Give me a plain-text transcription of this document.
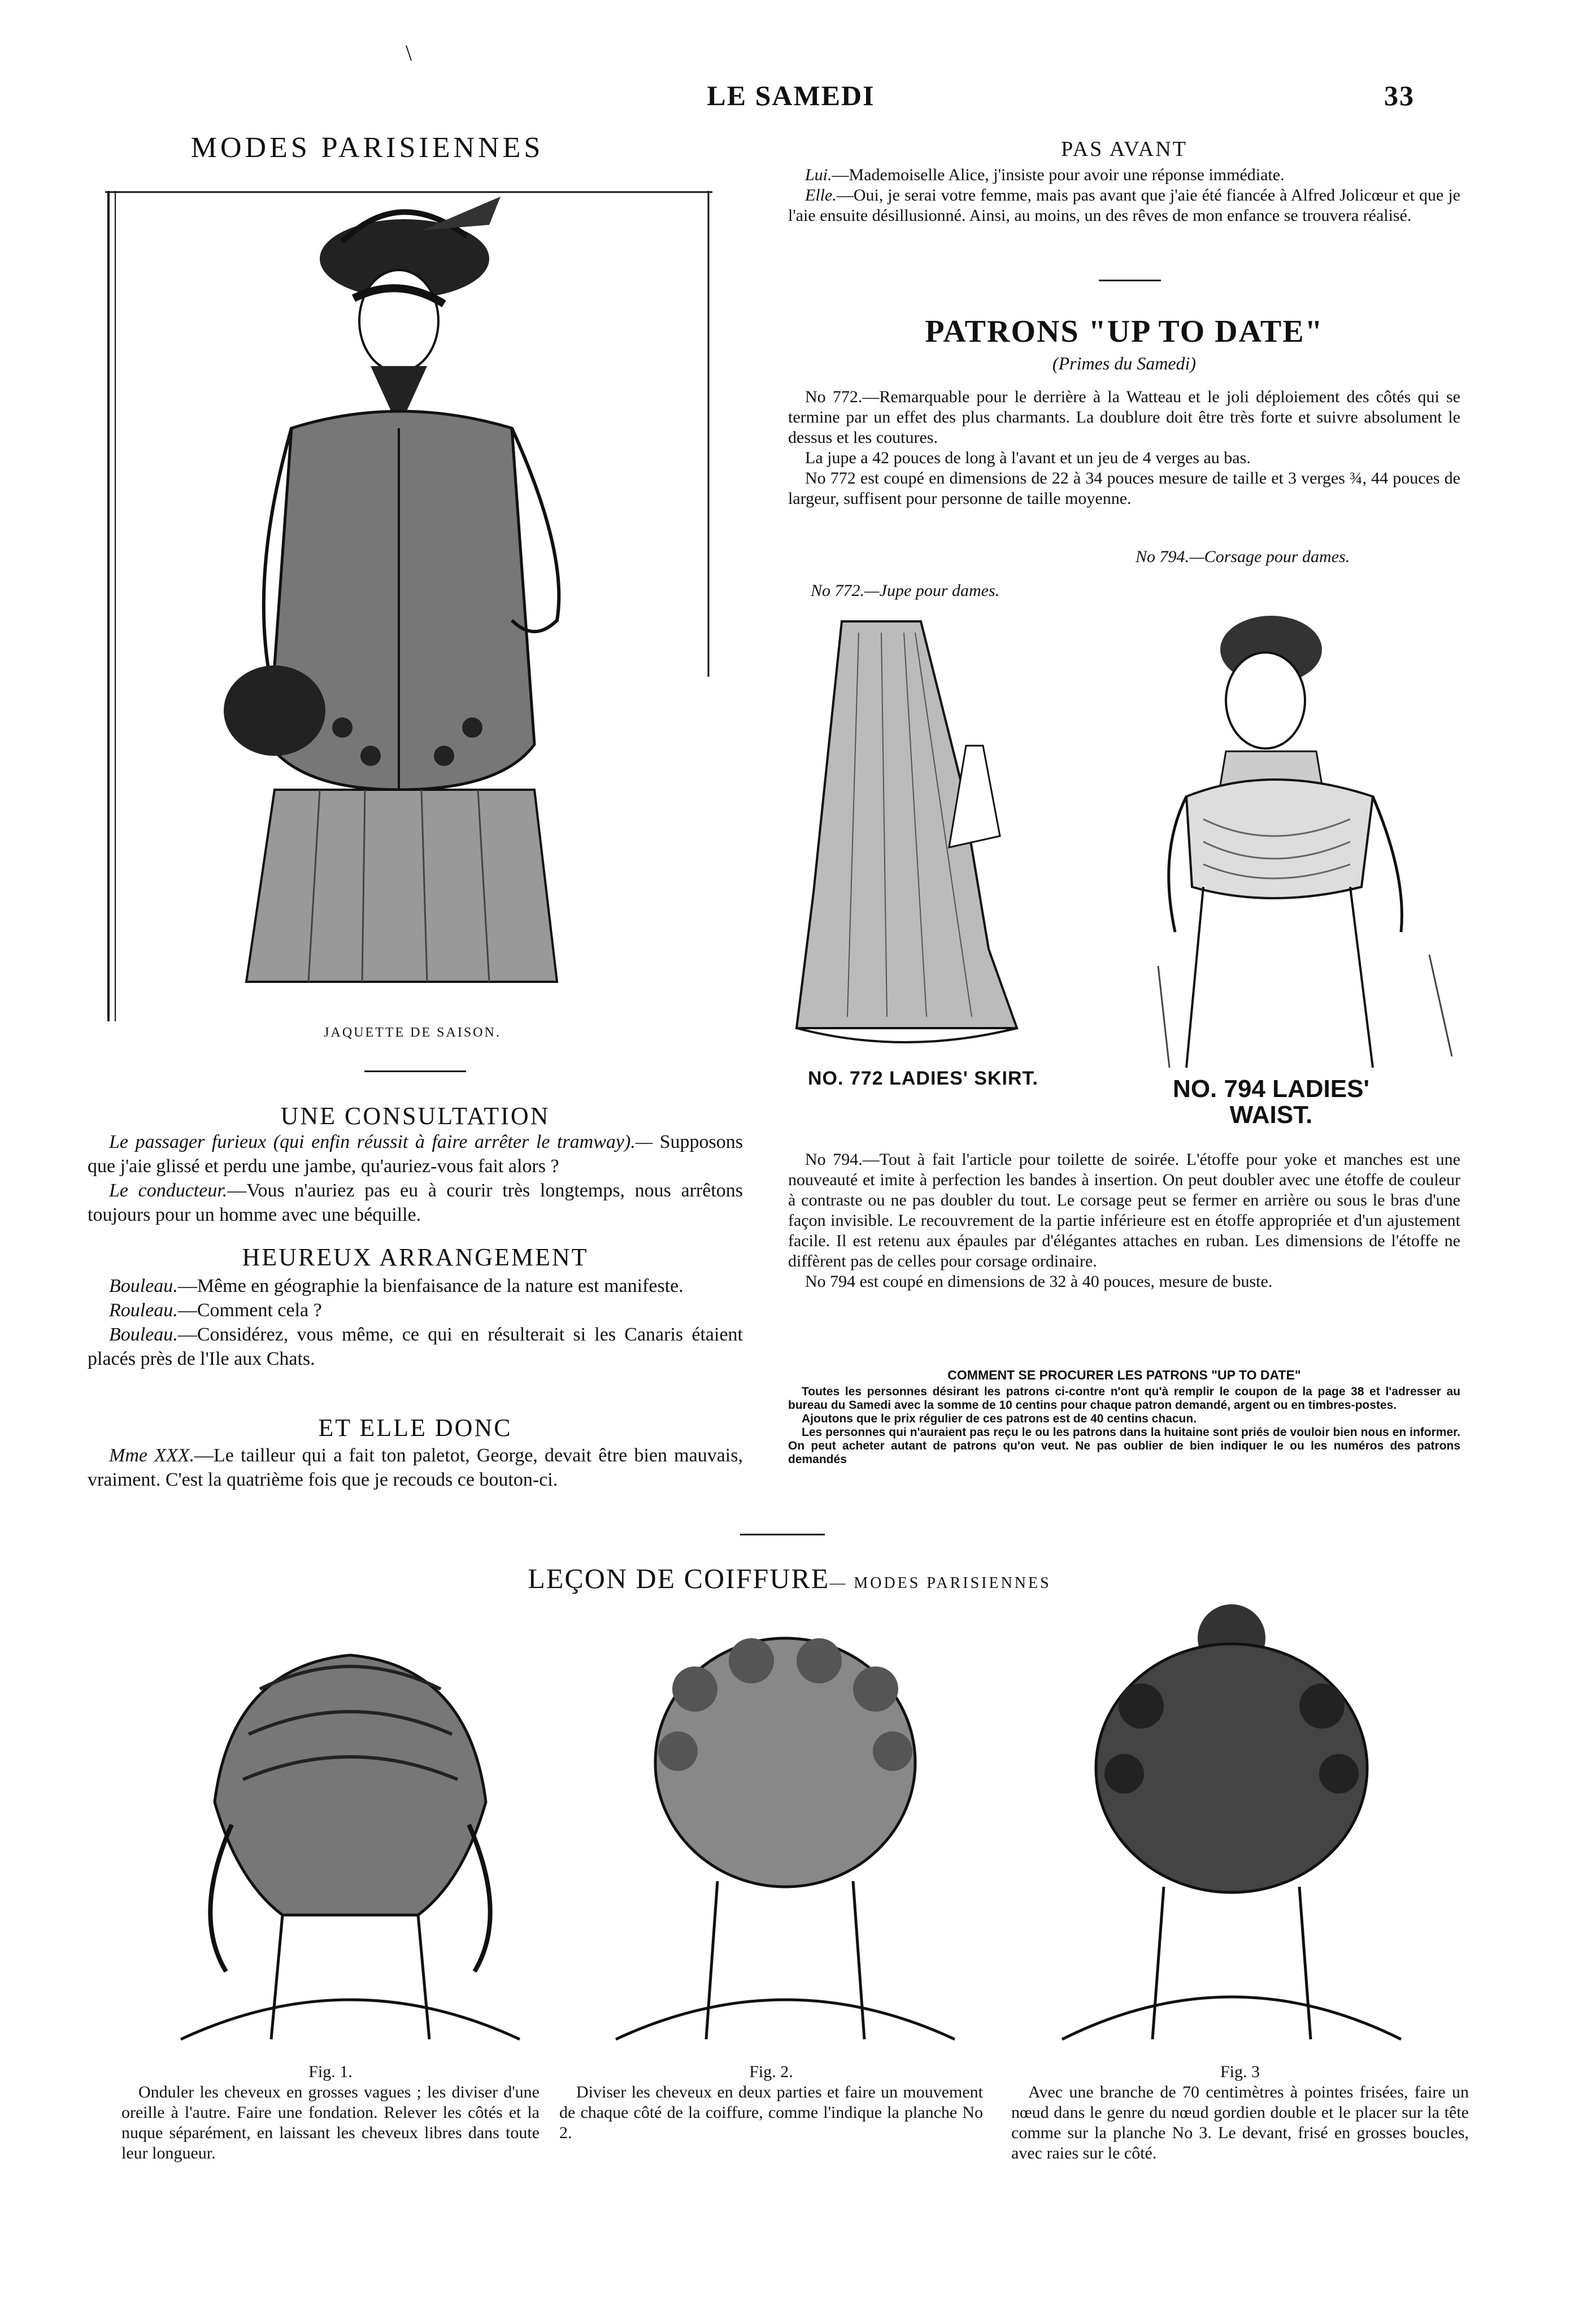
\
LE SAMEDI	33
MODES PARISIENNES
JAQUETTE DE SAISON.
UNE CONSULTATION

Le passager furieux (qui enfin réussit à faire arrêter le tramway).— Supposons que j'aie glissé et perdu une jambe, qu'auriez-vous fait alors ?

Le conducteur.—Vous n'auriez pas eu à courir très longtemps, nous arrêtons toujours pour un homme avec une béquille.

HEUREUX ARRANGEMENT

Bouleau.—Même en géographie la bienfaisance de la nature est manifeste.

Rouleau.—Comment cela ?

Bouleau.—Considérez, vous même, ce qui en résulterait si les Canaris étaient placés près de l'Ile aux Chats.

ET ELLE DONC

Mme XXX.—Le tailleur qui a fait ton paletot, George, devait être bien mauvais, vraiment. C'est la quatrième fois que je recouds ce bouton-ci.

PAS AVANT

Lui.—Mademoiselle Alice, j'insiste pour avoir une réponse immédiate.

Elle.—Oui, je serai votre femme, mais pas avant que j'aie été fiancée à Alfred Jolicœur et que je l'aie ensuite désillusionné. Ainsi, au moins, un des rêves de mon enfance se trouvera réalisé.

PATRONS "UP TO DATE"
(Primes du Samedi)

No 772.—Remarquable pour le derrière à la Watteau et le joli déploiement des côtés qui se termine par un effet des plus charmants. La doublure doit être très forte et suivre absolument le dessus et les coutures.

La jupe a 42 pouces de long à l'avant et un jeu de 4 verges au bas.

No 772 est coupé en dimensions de 22 à 34 pouces mesure de taille et 3 verges ¾, 44 pouces de largeur, suffisent pour personne de taille moyenne.

No 794.—Corsage pour dames.
No 772.—Jupe pour dames.
NO. 772 LADIES' SKIRT.	NO. 794 LADIES'
WAIST.

No 794.—Tout à fait l'article pour toilette de soirée. L'étoffe pour yoke et manches est une nouveauté et imite à perfection les bandes à insertion. On peut doubler avec une étoffe de couleur à contraste ou ne pas doubler du tout. Le corsage peut se fermer en arrière ou sous le bras d'une façon invisible. Le recouvrement de la partie inférieure est en étoffe appropriée et d'un ajustement facile. Il est retenu aux épaules par d'élégantes attaches en ruban. Les dimensions de l'étoffe ne diffèrent pas de celles pour corsage ordinaire.

No 794 est coupé en dimensions de 32 à 40 pouces, mesure de buste.

COMMENT SE PROCURER LES PATRONS "UP TO DATE"

Toutes les personnes désirant les patrons ci-contre n'ont qu'à remplir le coupon de la page 38 et l'adresser au bureau du Samedi avec la somme de 10 centins pour chaque patron demandé, argent ou en timbres-postes.

Ajoutons que le prix régulier de ces patrons est de 40 centins chacun.

Les personnes qui n'auraient pas reçu le ou les patrons dans la huitaine sont priés de vouloir bien nous en informer. On peut acheter autant de patrons qu'on veut. Ne pas oublier de bien indiquer le ou les numéros des patrons demandés

LEÇON DE COIFFURE— MODES PARISIENNES
Fig. 1.

Onduler les cheveux en grosses vagues ; les diviser d'une oreille à l'autre. Faire une fondation. Relever les côtés et la nuque séparément, en laissant les cheveux libres dans toute leur longueur.

Fig. 2.

Diviser les cheveux en deux parties et faire un mouvement de chaque côté de la coiffure, comme l'indique la planche No 2.

Fig. 3

Avec une branche de 70 centimètres à pointes frisées, faire un nœud dans le genre du nœud gordien double et le placer sur la tête comme sur la planche No 3. Le devant, frisé en grosses boucles, avec raies sur le côté.
